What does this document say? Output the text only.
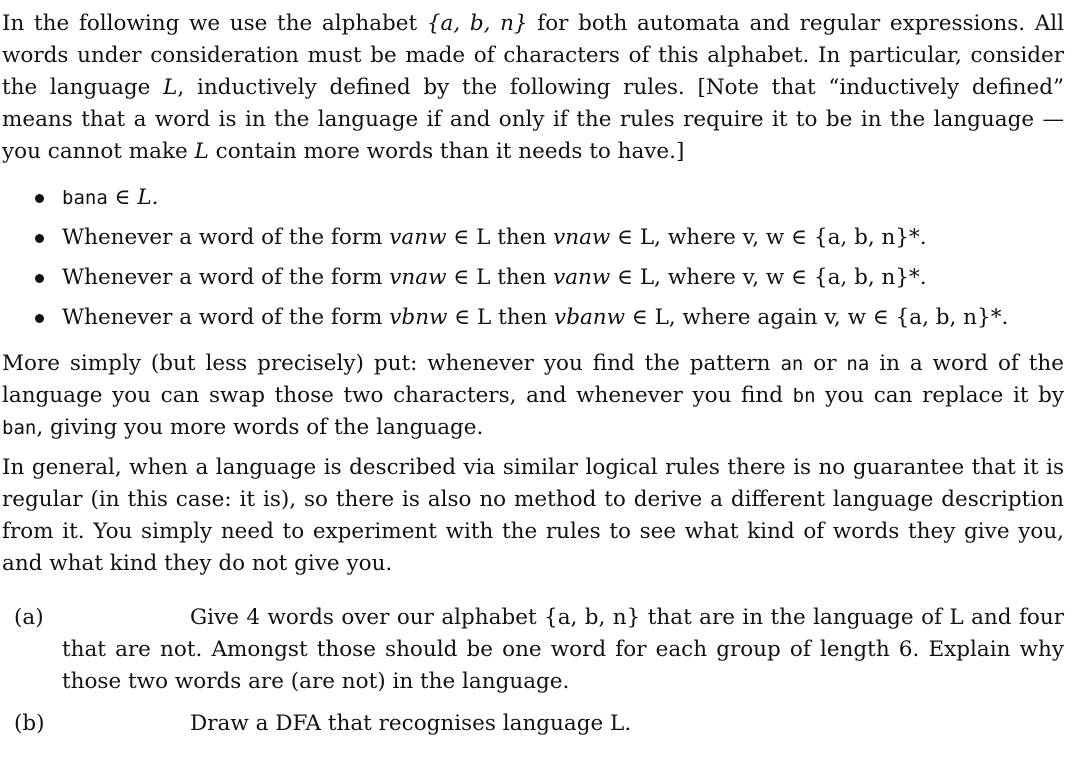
In the following we use the alphabet {a, b, n} for both automata and regular expressions. All words under consideration must be made of characters of this alphabet. In particular, consider the language L, inductively defined by the following rules. [Note that “inductively defined” means that a word is in the language if and only if the rules require it to be in the language — you cannot make L contain more words than it needs to have.]

bana ∈ L.
Whenever a word of the form vanw ∈ L then vnaw ∈ L, where v, w ∈ {a, b, n}*.
Whenever a word of the form vnaw ∈ L then vanw ∈ L, where v, w ∈ {a, b, n}*.
Whenever a word of the form vbnw ∈ L then vbanw ∈ L, where again v, w ∈ {a, b, n}*.

More simply (but less precisely) put: whenever you find the pattern an or na in a word of the language you can swap those two characters, and whenever you find bn you can replace it by ban, giving you more words of the language.

In general, when a language is described via similar logical rules there is no guarantee that it is regular (in this case: it is), so there is also no method to derive a different language description from it. You simply need to experiment with the rules to see what kind of words they give you, and what kind they do not give you.

(a)	Give 4 words over our alphabet {a, b, n} that are in the language of L and four that are not. Amongst those should be one word for each group of length 6. Explain why those two words are (are not) in the language.

(b)	Draw a DFA that recognises language L.
